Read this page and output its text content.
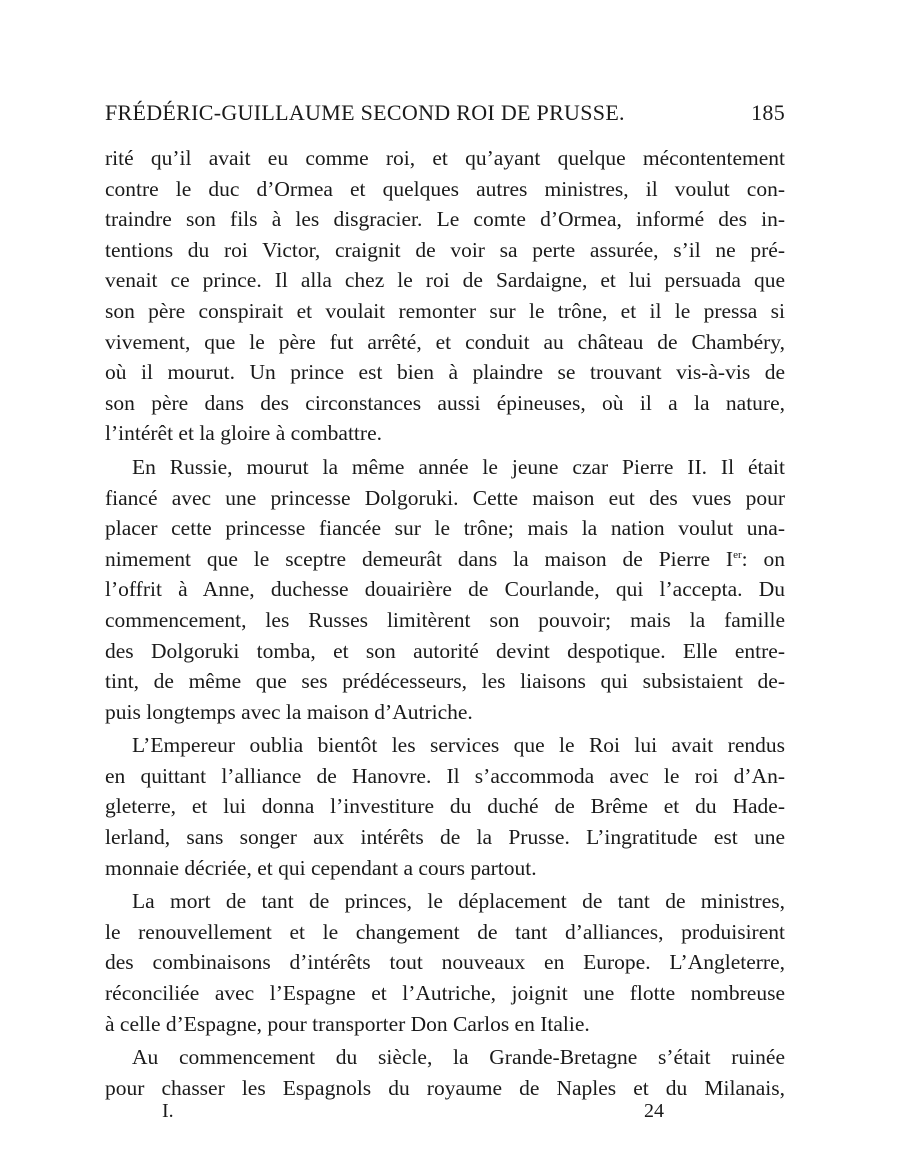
FRÉDÉRIC-GUILLAUME SECOND ROI DE PRUSSE.	185
rité qu’il avait eu comme roi, et qu’ayant quelque mécontentement
contre le duc d’Ormea et quelques autres ministres, il voulut con-
traindre son fils à les disgracier. Le comte d’Ormea, informé des in-
tentions du roi Victor, craignit de voir sa perte assurée, s’il ne pré-
venait ce prince. Il alla chez le roi de Sardaigne, et lui persuada que
son père conspirait et voulait remonter sur le trône, et il le pressa si
vivement, que le père fut arrêté, et conduit au château de Chambéry,
où il mourut. Un prince est bien à plaindre se trouvant vis-à-vis de
son père dans des circonstances aussi épineuses, où il a la nature,
l’intérêt et la gloire à combattre.
En Russie, mourut la même année le jeune czar Pierre II. Il était
fiancé avec une princesse Dolgoruki. Cette maison eut des vues pour
placer cette princesse fiancée sur le trône; mais la nation voulut una-
nimement que le sceptre demeurât dans la maison de Pierre Ier: on
l’offrit à Anne, duchesse douairière de Courlande, qui l’accepta. Du
commencement, les Russes limitèrent son pouvoir; mais la famille
des Dolgoruki tomba, et son autorité devint despotique. Elle entre-
tint, de même que ses prédécesseurs, les liaisons qui subsistaient de-
puis longtemps avec la maison d’Autriche.
L’Empereur oublia bientôt les services que le Roi lui avait rendus
en quittant l’alliance de Hanovre. Il s’accommoda avec le roi d’An-
gleterre, et lui donna l’investiture du duché de Brême et du Hade-
lerland, sans songer aux intérêts de la Prusse. L’ingratitude est une
monnaie décriée, et qui cependant a cours partout.
La mort de tant de princes, le déplacement de tant de ministres,
le renouvellement et le changement de tant d’alliances, produisirent
des combinaisons d’intérêts tout nouveaux en Europe. L’Angleterre,
réconciliée avec l’Espagne et l’Autriche, joignit une flotte nombreuse
à celle d’Espagne, pour transporter Don Carlos en Italie.
Au commencement du siècle, la Grande-Bretagne s’était ruinée
pour chasser les Espagnols du royaume de Naples et du Milanais,
I.	24
